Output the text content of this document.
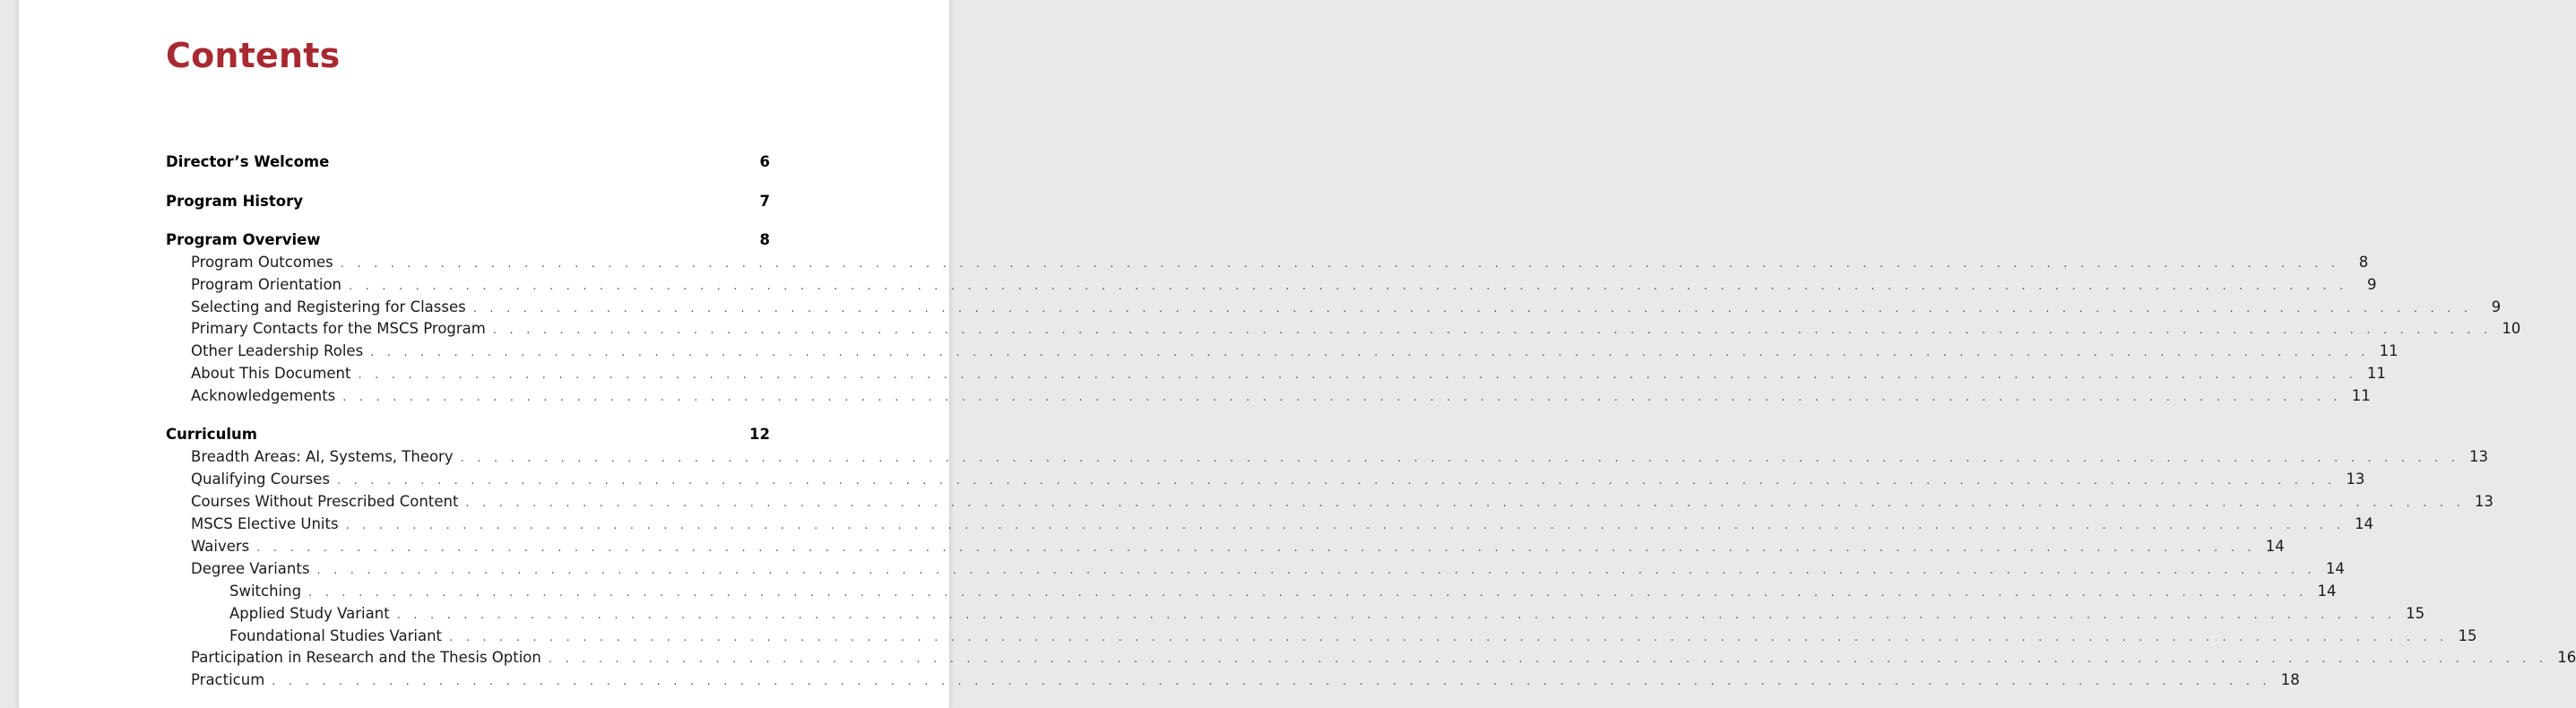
Contents
Director’s Welcome	6
Program History	7
Program Overview	8
Program Outcomes . . . . . . . . . . . . . . . . . . . . . . . . . . . . . . . . . . . . . . . . . . . . . . . . . . . . . . . . . . . . . . . . . . . . . . . . . . . . . . . . . . . . . . . . . . . . . . . . . . . . . . . . . . . . . . . . . . . . . . . .	8
Program Orientation . . . . . . . . . . . . . . . . . . . . . . . . . . . . . . . . . . . . . . . . . . . . . . . . . . . . . . . . . . . . . . . . . . . . . . . . . . . . . . . . . . . . . . . . . . . . . . . . . . . . . . . . . . . . . . . . . . . . . . . .	9
Selecting and Registering for Classes . . . . . . . . . . . . . . . . . . . . . . . . . . . . . . . . . . . . . . . . . . . . . . . . . . . . . . . . . . . . . . . . . . . . . . . . . . . . . . . . . . . . . . . . . . . . . . . . . . . . . . . . . . . . . . . . . . . . . . . .	9
Primary Contacts for the MSCS Program . . . . . . . . . . . . . . . . . . . . . . . . . . . . . . . . . . . . . . . . . . . . . . . . . . . . . . . . . . . . . . . . . . . . . . . . . . . . . . . . . . . . . . . . . . . . . . . . . . . . . . . . . . . . . . . . . . . . . . . . 10
Other Leadership Roles . . . . . . . . . . . . . . . . . . . . . . . . . . . . . . . . . . . . . . . . . . . . . . . . . . . . . . . . . . . . . . . . . . . . . . . . . . . . . . . . . . . . . . . . . . . . . . . . . . . . . . . . . . . . . . . . . . . . . . . . 11
About This Document . . . . . . . . . . . . . . . . . . . . . . . . . . . . . . . . . . . . . . . . . . . . . . . . . . . . . . . . . . . . . . . . . . . . . . . . . . . . . . . . . . . . . . . . . . . . . . . . . . . . . . . . . . . . . . . . . . . . . . . . 11
Acknowledgements . . . . . . . . . . . . . . . . . . . . . . . . . . . . . . . . . . . . . . . . . . . . . . . . . . . . . . . . . . . . . . . . . . . . . . . . . . . . . . . . . . . . . . . . . . . . . . . . . . . . . . . . . . . . . . . . . . . . . . . . 11
Curriculum	12
Breadth Areas: AI, Systems, Theory . . . . . . . . . . . . . . . . . . . . . . . . . . . . . . . . . . . . . . . . . . . . . . . . . . . . . . . . . . . . . . . . . . . . . . . . . . . . . . . . . . . . . . . . . . . . . . . . . . . . . . . . . . . . . . . . . . . . . . . . 13
Qualifying Courses . . . . . . . . . . . . . . . . . . . . . . . . . . . . . . . . . . . . . . . . . . . . . . . . . . . . . . . . . . . . . . . . . . . . . . . . . . . . . . . . . . . . . . . . . . . . . . . . . . . . . . . . . . . . . . . . . . . . . . . . 13
Courses Without Prescribed Content . . . . . . . . . . . . . . . . . . . . . . . . . . . . . . . . . . . . . . . . . . . . . . . . . . . . . . . . . . . . . . . . . . . . . . . . . . . . . . . . . . . . . . . . . . . . . . . . . . . . . . . . . . . . . . . . . . . . . . . . 13
MSCS Elective Units . . . . . . . . . . . . . . . . . . . . . . . . . . . . . . . . . . . . . . . . . . . . . . . . . . . . . . . . . . . . . . . . . . . . . . . . . . . . . . . . . . . . . . . . . . . . . . . . . . . . . . . . . . . . . . . . . . . . . . . . 14
Waivers . . . . . . . . . . . . . . . . . . . . . . . . . . . . . . . . . . . . . . . . . . . . . . . . . . . . . . . . . . . . . . . . . . . . . . . . . . . . . . . . . . . . . . . . . . . . . . . . . . . . . . . . . . . . . . . . . . . . . . . . 14
Degree Variants . . . . . . . . . . . . . . . . . . . . . . . . . . . . . . . . . . . . . . . . . . . . . . . . . . . . . . . . . . . . . . . . . . . . . . . . . . . . . . . . . . . . . . . . . . . . . . . . . . . . . . . . . . . . . . . . . . . . . . . . 14
Switching . . . . . . . . . . . . . . . . . . . . . . . . . . . . . . . . . . . . . . . . . . . . . . . . . . . . . . . . . . . . . . . . . . . . . . . . . . . . . . . . . . . . . . . . . . . . . . . . . . . . . . . . . . . . . . . . . . . . . . . . 14
Applied Study Variant . . . . . . . . . . . . . . . . . . . . . . . . . . . . . . . . . . . . . . . . . . . . . . . . . . . . . . . . . . . . . . . . . . . . . . . . . . . . . . . . . . . . . . . . . . . . . . . . . . . . . . . . . . . . . . . . . . . . . . . . 15
Foundational Studies Variant . . . . . . . . . . . . . . . . . . . . . . . . . . . . . . . . . . . . . . . . . . . . . . . . . . . . . . . . . . . . . . . . . . . . . . . . . . . . . . . . . . . . . . . . . . . . . . . . . . . . . . . . . . . . . . . . . . . . . . . . 15
Participation in Research and the Thesis Option . . . . . . . . . . . . . . . . . . . . . . . . . . . . . . . . . . . . . . . . . . . . . . . . . . . . . . . . . . . . . . . . . . . . . . . . . . . . . . . . . . . . . . . . . . . . . . . . . . . . . . . . . . . . . . . . . . . . . . . . 16
Practicum . . . . . . . . . . . . . . . . . . . . . . . . . . . . . . . . . . . . . . . . . . . . . . . . . . . . . . . . . . . . . . . . . . . . . . . . . . . . . . . . . . . . . . . . . . . . . . . . . . . . . . . . . . . . . . . . . . . . . . . . 18
